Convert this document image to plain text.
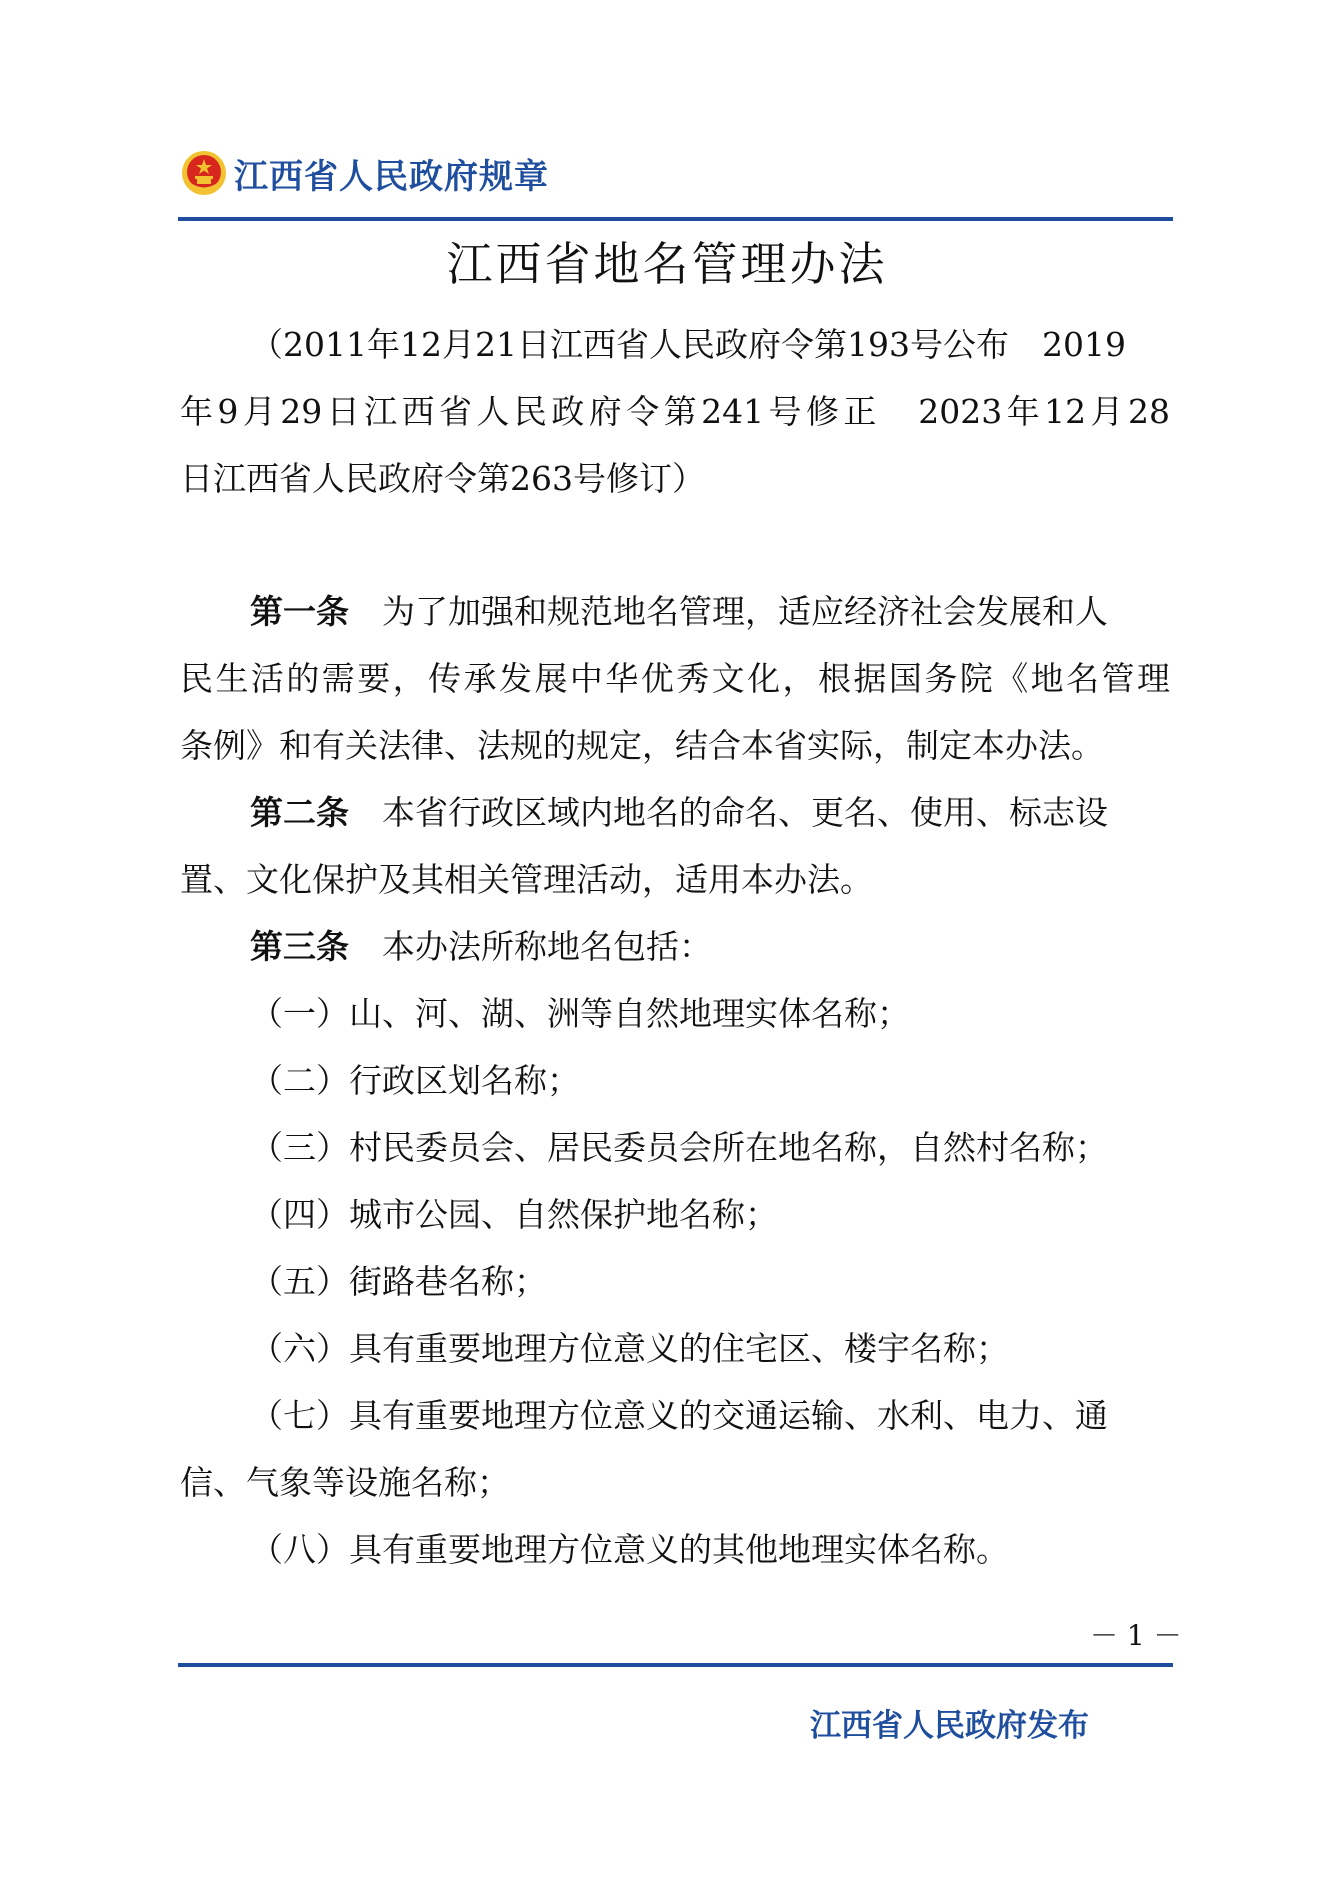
江西省人民政府规章
江西省地名管理办法
（2011年12月21日江西省人民政府令第193号公布　2019
年9月29日江西省人民政府令第241号修正　2023年12月28
日江西省人民政府令第263号修订）
第一条　 为了加强和规范地名管理，适应经济社会发展和人
民生活的需要，传承发展中华优秀文化，根据国务院《地名管理
条例》和有关法律、法规的规定，结合本省实际，制定本办法。
第二条　 本省行政区域内地名的命名、更名、使用、标志设
置、文化保护及其相关管理活动，适用本办法。
第三条　 本办法所称地名包括：
（一）山、河、湖、洲等自然地理实体名称；
（二）行政区划名称；
（三）村民委员会、居民委员会所在地名称，自然村名称；
（四）城市公园、自然保护地名称；
（五）街路巷名称；
（六）具有重要地理方位意义的住宅区、楼宇名称；
（七）具有重要地理方位意义的交通运输、水利、电力、通
信、气象等设施名称；
（八）具有重要地理方位意义的其他地理实体名称。
－ 1 －
江西省人民政府发布
